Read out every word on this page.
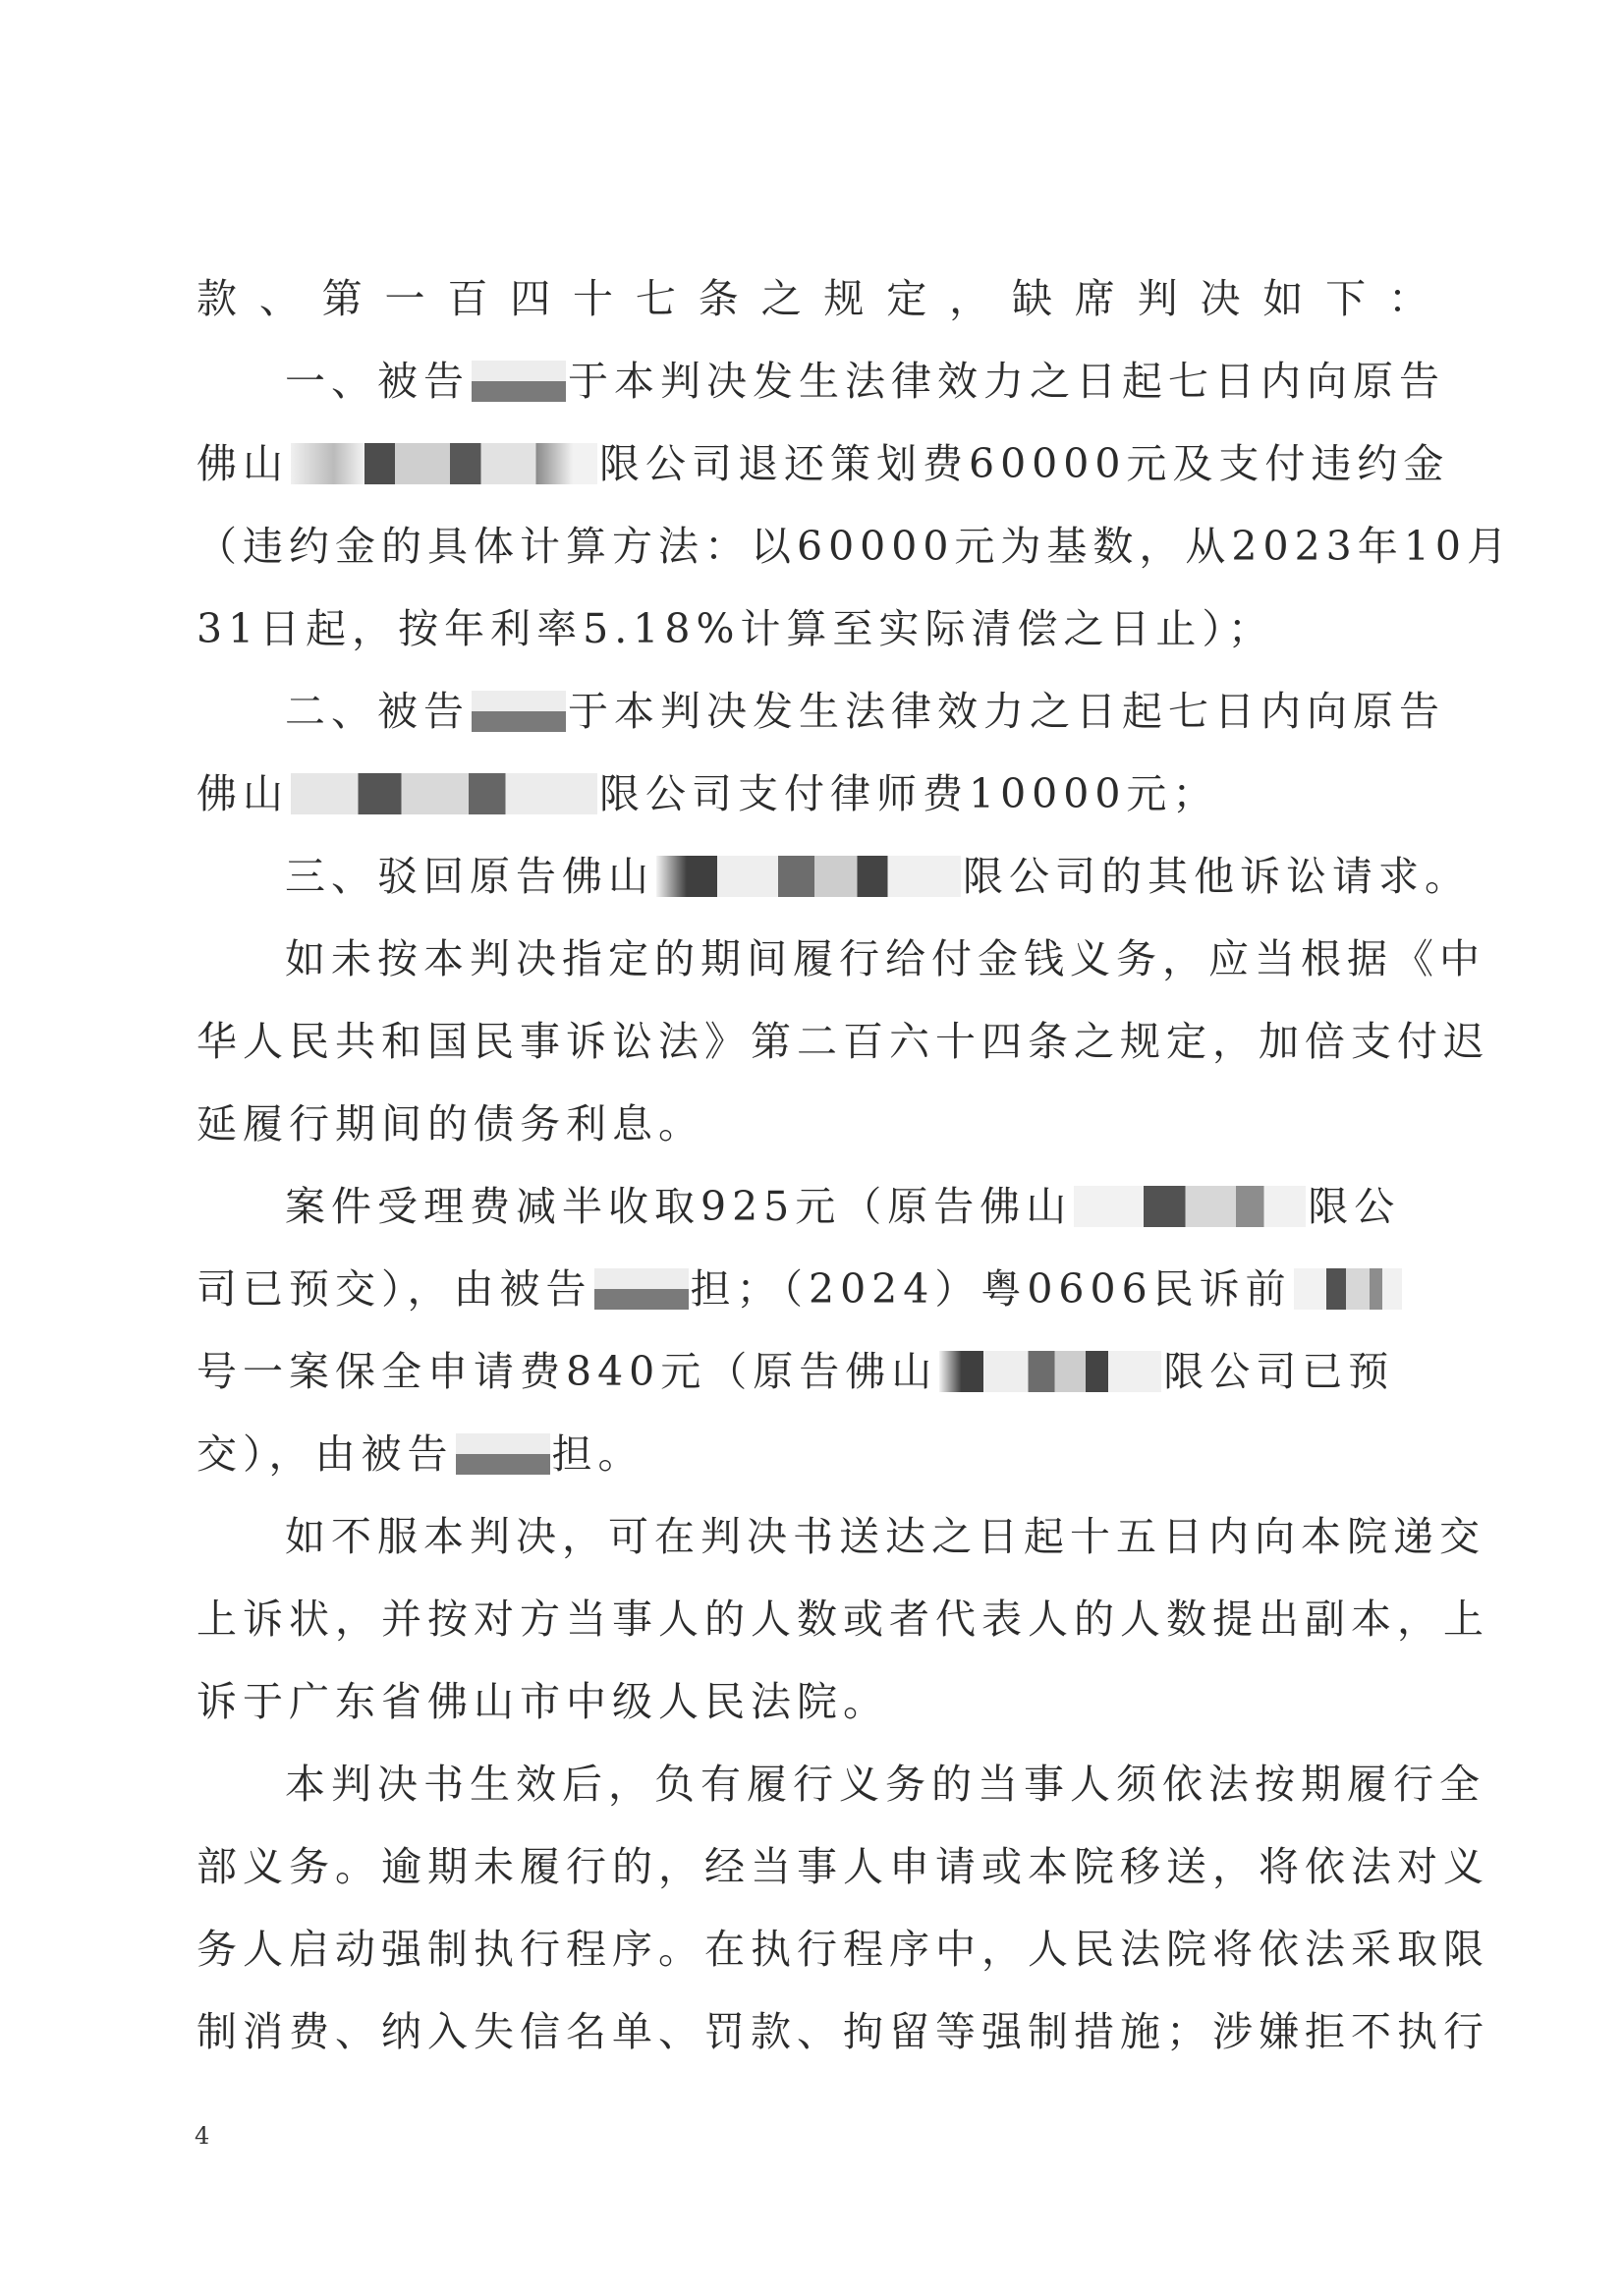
款、第一百四十七条之规定，缺席判决如下：
一、被告 于本判决发生法律效力之日起七日内向原告
佛山	限公司退还策划费60000元及支付违约金
（违约金的具体计算方法：以60000元为基数，从2023年10月
31日起，按年利率5.18%计算至实际清偿之日止）；
二、被告 于本判决发生法律效力之日起七日内向原告
佛山	限公司支付律师费10000元；
三、驳回原告佛山	限公司的其他诉讼请求。
如未按本判决指定的期间履行给付金钱义务，应当根据《中
华人民共和国民事诉讼法》第二百六十四条之规定，加倍支付迟
延履行期间的债务利息。
案件受理费减半收取925元（原告佛山	限公
司已预交），由被告 担；（2024）粤0606民诉前
号一案保全申请费840元（原告佛山	限公司已预
交），由被告 担。
如不服本判决，可在判决书送达之日起十五日内向本院递交
上诉状，并按对方当事人的人数或者代表人的人数提出副本，上
诉于广东省佛山市中级人民法院。
本判决书生效后，负有履行义务的当事人须依法按期履行全
部义务。逾期未履行的，经当事人申请或本院移送，将依法对义
务人启动强制执行程序。在执行程序中，人民法院将依法采取限
制消费、纳入失信名单、罚款、拘留等强制措施；涉嫌拒不执行
4
